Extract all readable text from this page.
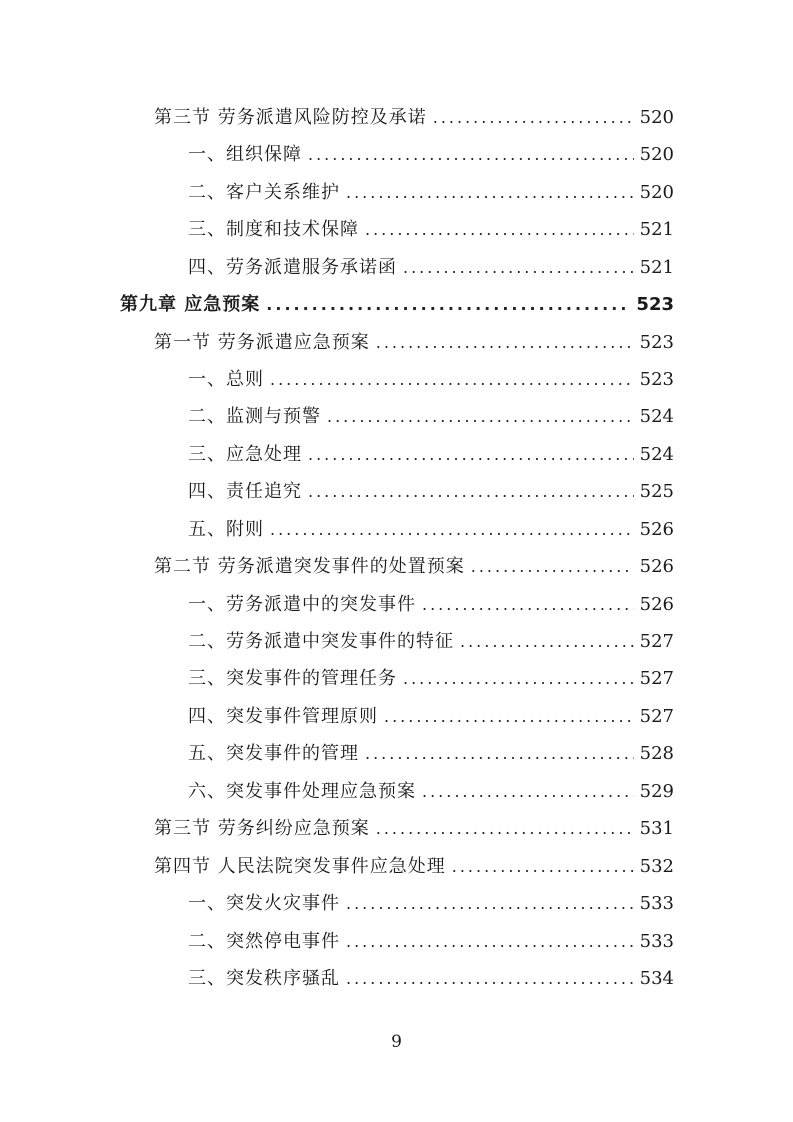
第三节 劳务派遣风险防控及承诺 .....	520
一、组织保障 .....	520
二、客户关系维护 .....	520
三、制度和技术保障 .....	521
四、劳务派遣服务承诺函 .....	521
第九章 应急预案 .....	523
第一节 劳务派遣应急预案 .....	523
一、总则 .....	523
二、监测与预警 .....	524
三、应急处理 .....	524
四、责任追究 .....	525
五、附则 .....	526
第二节 劳务派遣突发事件的处置预案 .....	526
一、劳务派遣中的突发事件 .....	526
二、劳务派遣中突发事件的特征 .....	527
三、突发事件的管理任务 .....	527
四、突发事件管理原则 .....	527
五、突发事件的管理 .....	528
六、突发事件处理应急预案 .....	529
第三节 劳务纠纷应急预案 .....	531
第四节 人民法院突发事件应急处理 .....	532
一、突发火灾事件 .....	533
二、突然停电事件 .....	533
三、突发秩序骚乱 .....	534
9
